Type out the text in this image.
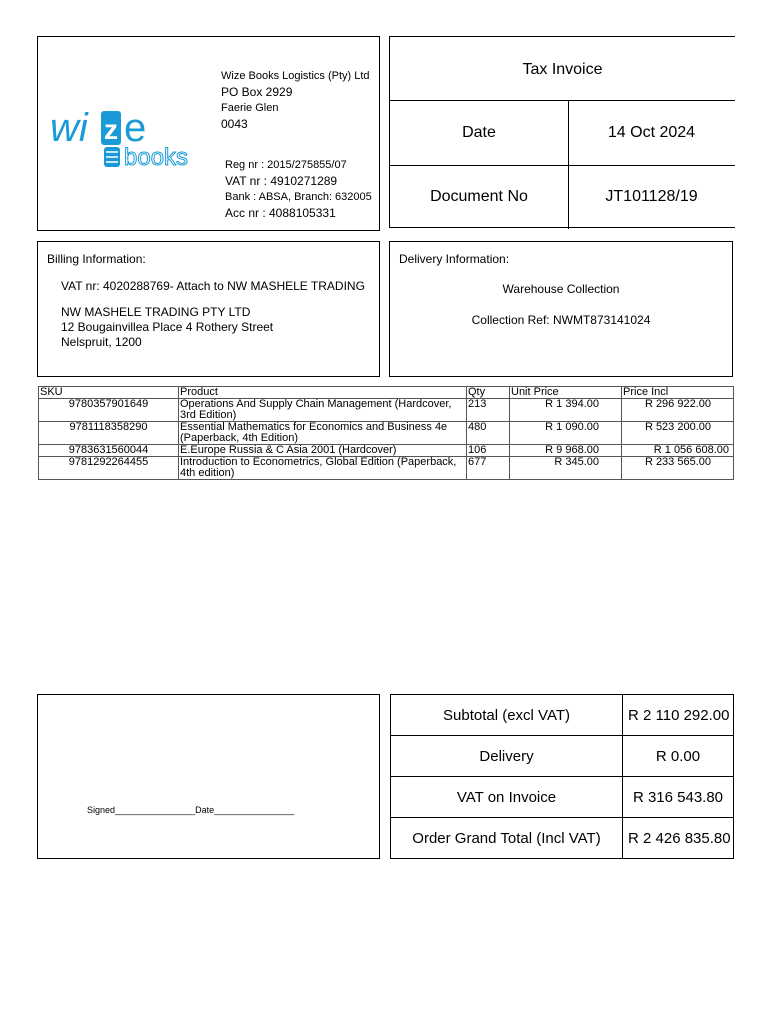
wi z e
books
Wize Books Logistics (Pty) Ltd
PO Box 2929
Faerie Glen
0043
Reg nr : 2015/275855/07
VAT nr : 4910271289
Bank : ABSA, Branch: 632005
Acc nr : 4088105331
Tax Invoice
Date	14 Oct 2024
Document No	JT101128/19
Billing Information:
VAT nr: 4020288769- Attach to NW MASHELE TRADING
NW MASHELE TRADING PTY LTD
12 Bougainvillea Place 4 Rothery Street
Nelspruit, 1200
Delivery Information:
Warehouse Collection
Collection Ref: NWMT873141024
SKU	Product	Qty	Unit Price	Price Incl
9780357901649	Operations And Supply Chain Management (Hardcover, 3rd Edition)	213	R 1 394.00	R 296 922.00
9781118358290	Essential Mathematics for Economics and Business 4e (Paperback, 4th Edition)	480	R 1 090.00	R 523 200.00
9783631560044	E.Europe Russia & C Asia 2001 (Hardcover)	106	R 9 968.00	R 1 056 608.00
9781292264455	Introduction to Econometrics, Global Edition (Paperback, 4th edition)	677	R 345.00	R 233 565.00
Signed________________Date________________
Subtotal (excl VAT)	R 2 110 292.00
Delivery	R 0.00
VAT on Invoice	R 316 543.80
Order Grand Total (Incl VAT)	R 2 426 835.80
